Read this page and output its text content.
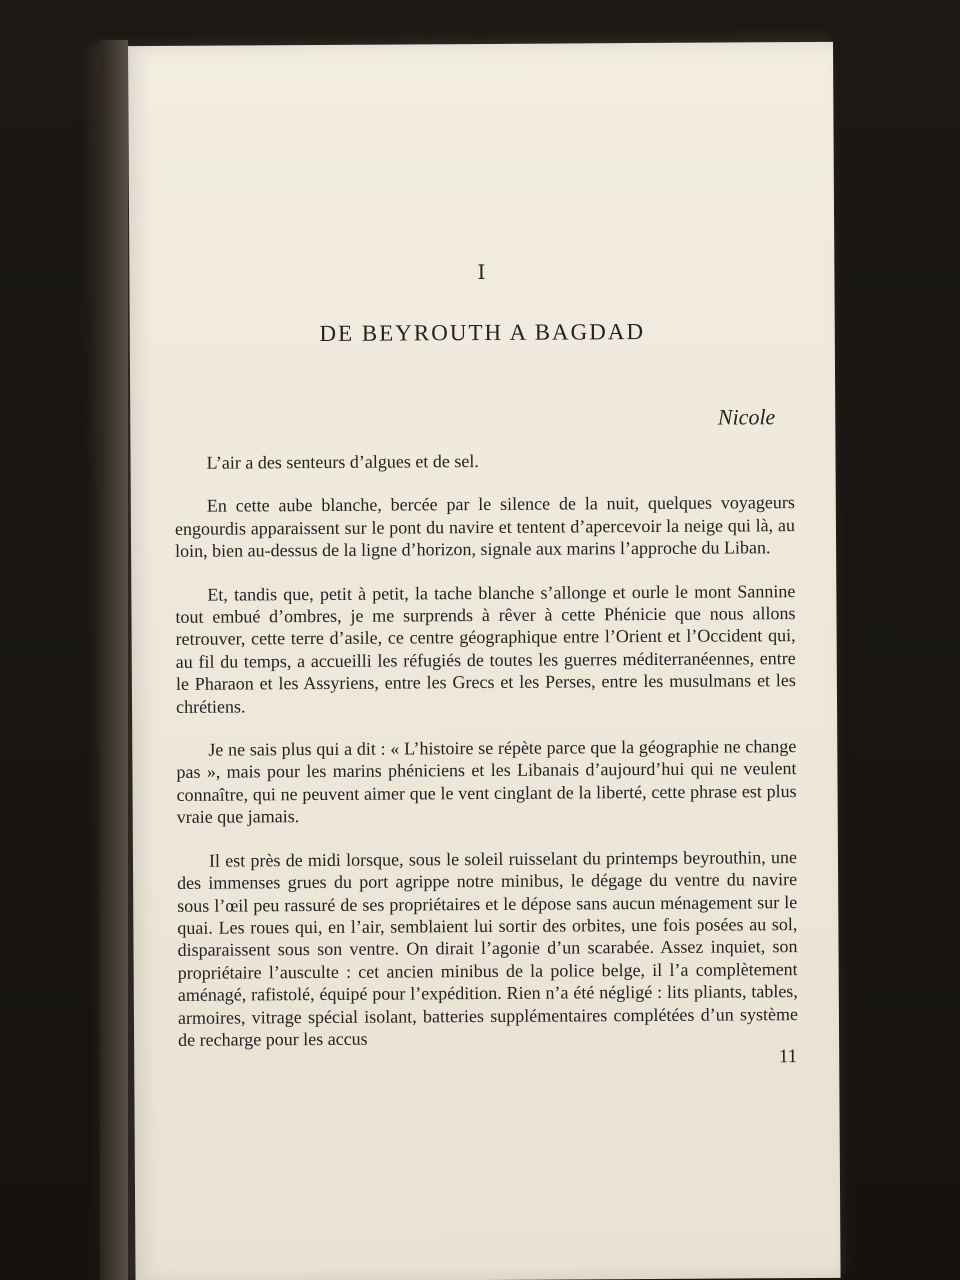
I
DE BEYROUTH A BAGDAD
Nicole

L’air a des senteurs d’algues et de sel.

En cette aube blanche, bercée par le silence de la nuit, quelques voyageurs engourdis apparaissent sur le pont du navire et tentent d’apercevoir la neige qui là, au loin, bien au-dessus de la ligne d’horizon, signale aux marins l’approche du Liban.

Et, tandis que, petit à petit, la tache blanche s’allonge et ourle le mont Sannine tout embué d’ombres, je me surprends à rêver à cette Phénicie que nous allons retrouver, cette terre d’asile, ce centre géographique entre l’Orient et l’Occident qui, au fil du temps, a accueilli les réfugiés de toutes les guerres méditerranéennes, entre le Pharaon et les Assyriens, entre les Grecs et les Perses, entre les musulmans et les chrétiens.

Je ne sais plus qui a dit : « L’histoire se répète parce que la géographie ne change pas », mais pour les marins phéniciens et les Libanais d’aujourd’hui qui ne veulent connaître, qui ne peuvent aimer que le vent cinglant de la liberté, cette phrase est plus vraie que jamais.

Il est près de midi lorsque, sous le soleil ruisselant du printemps beyrouthin, une des immenses grues du port agrippe notre minibus, le dégage du ventre du navire sous l’œil peu rassuré de ses propriétaires et le dépose sans aucun ménagement sur le quai. Les roues qui, en l’air, semblaient lui sortir des orbites, une fois posées au sol, disparaissent sous son ventre. On dirait l’agonie d’un scarabée. Assez inquiet, son propriétaire l’ausculte : cet ancien minibus de la police belge, il l’a complètement aménagé, rafistolé, équipé pour l’expédition. Rien n’a été négligé : lits pliants, tables, armoires, vitrage spécial isolant, batteries supplémentaires complétées d’un système de recharge pour les accus

11
